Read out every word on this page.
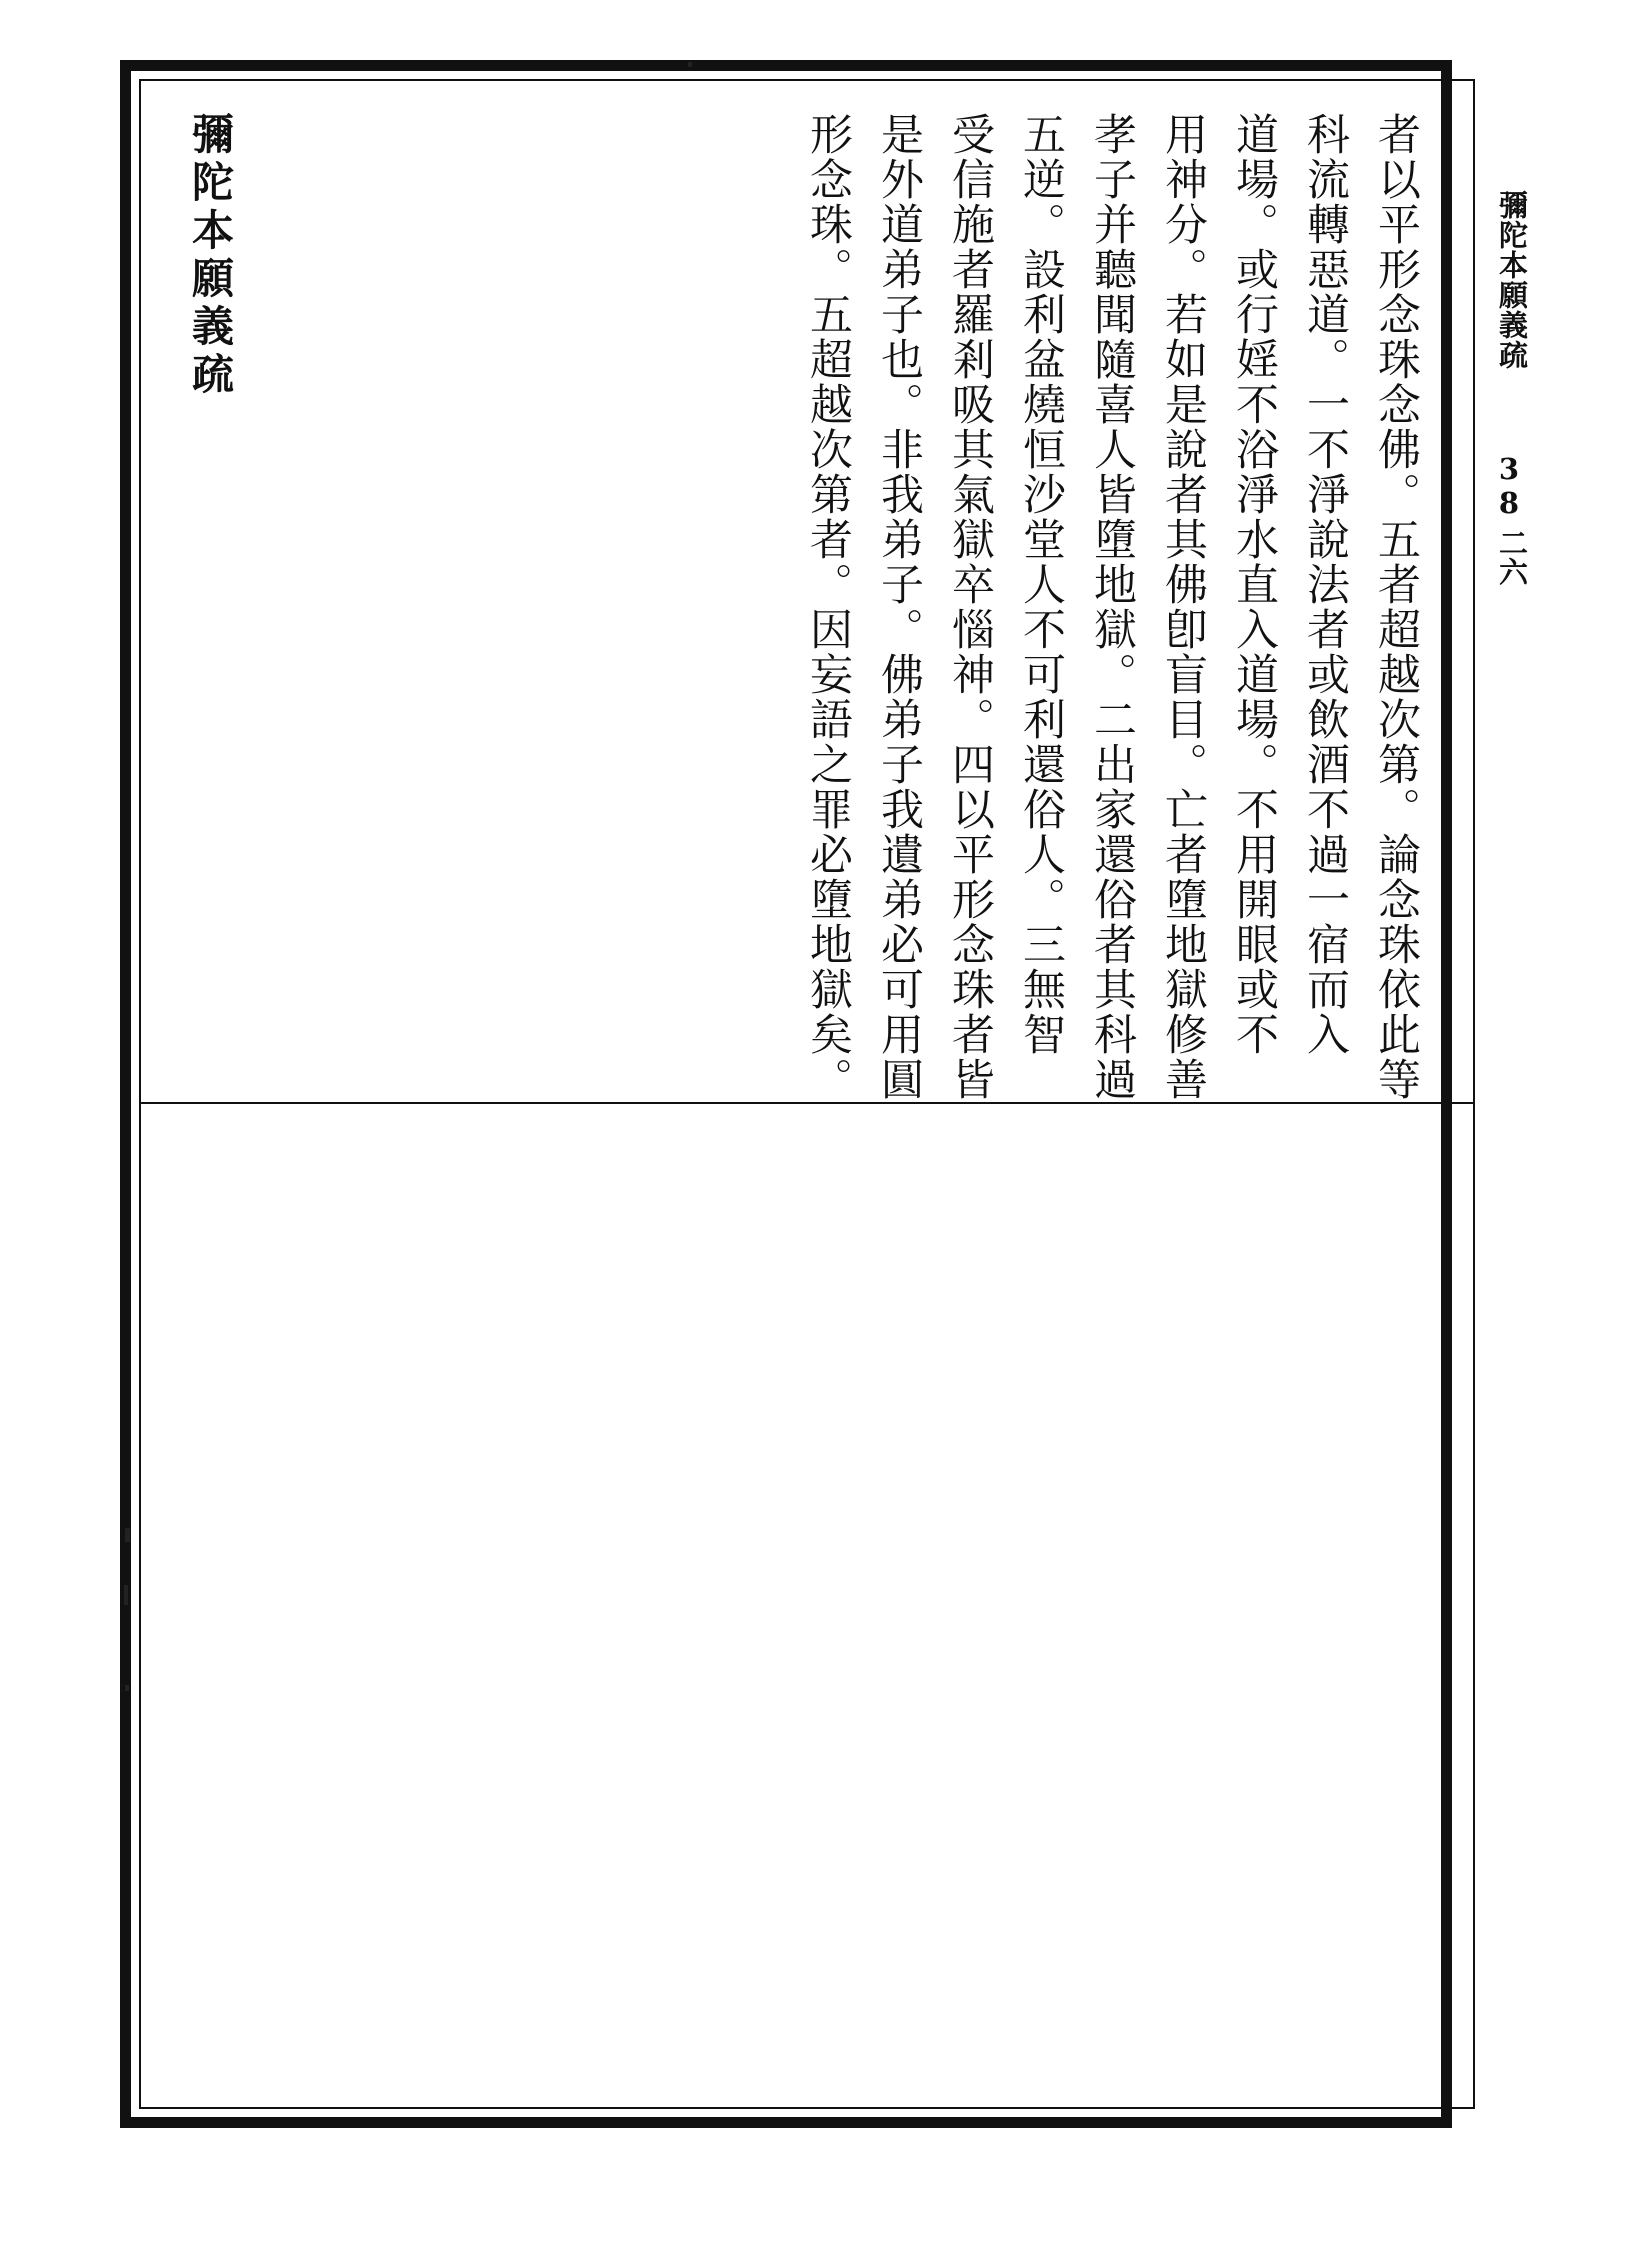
彌陀本願義疏
38
二六
彌陀本願義疏	者以平形念珠念佛。五者超越次第。論念珠依此等
科流轉惡道。一不淨說法者或飲酒不過一宿而入
道場。或行婬不浴淨水直入道場。不用開眼或不
用神分。若如是說者其佛卽盲目。亡者墮地獄修善
孝子并聽聞隨喜人皆墮地獄。二出家還俗者其科過
五逆。設利盆燒恒沙堂人不可利還俗人。三無智
受信施者羅剎吸其氣獄卒惱神。四以平形念珠者皆
是外道弟子也。非我弟子。佛弟子我遺弟必可用圓
形念珠。五超越次第者。因妄語之罪必墮地獄矣。
